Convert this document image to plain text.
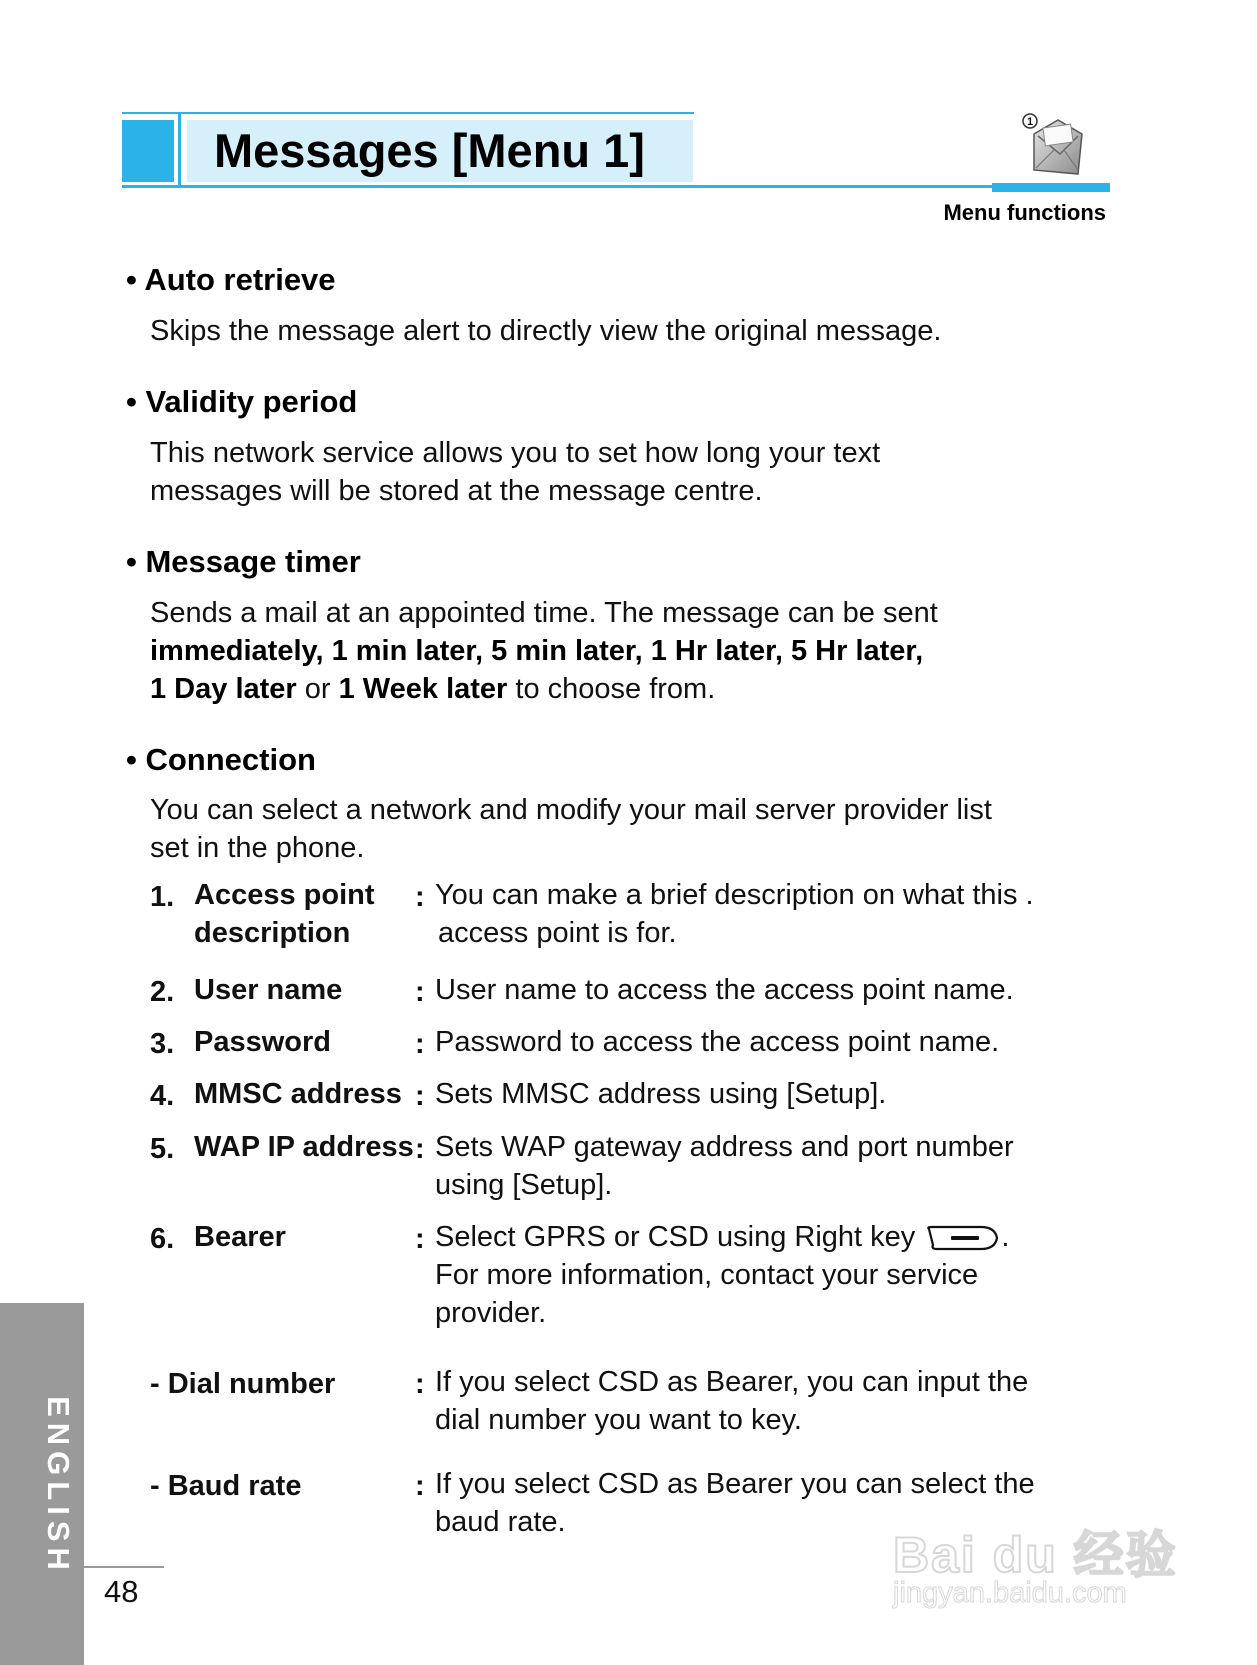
Messages [Menu 1]
1
Menu functions
• Auto retrieve
Skips the message alert to directly view the original message.
• Validity period
This network service allows you to set how long your text
messages will be stored at the message centre.
• Message timer
Sends a mail at an appointed time. The message can be sent
immediately, 1 min later, 5 min later, 1 Hr later, 5 Hr later,
1 Day later or 1 Week later to choose from.
• Connection
You can select a network and modify your mail server provider list
set in the phone.
1. Access point
description
: You can make a brief description on what this .
access point is for.
2. User name	: User name to access the access point name.
3. Password	: Password to access the access point name.
4. MMSC address : Sets MMSC address using [Setup].
5. WAP IP address : Sets WAP gateway address and port number
using [Setup].
6. Bearer	: Select GPRS or CSD using Right key	.
For more information, contact your service
provider.
- Dial number	: If you select CSD as Bearer, you can input the
dial number you want to key.
- Baud rate	: If you select CSD as Bearer you can select the
baud rate.
ENGLISH
48
Bai du 经验
jingyan.baidu.com
